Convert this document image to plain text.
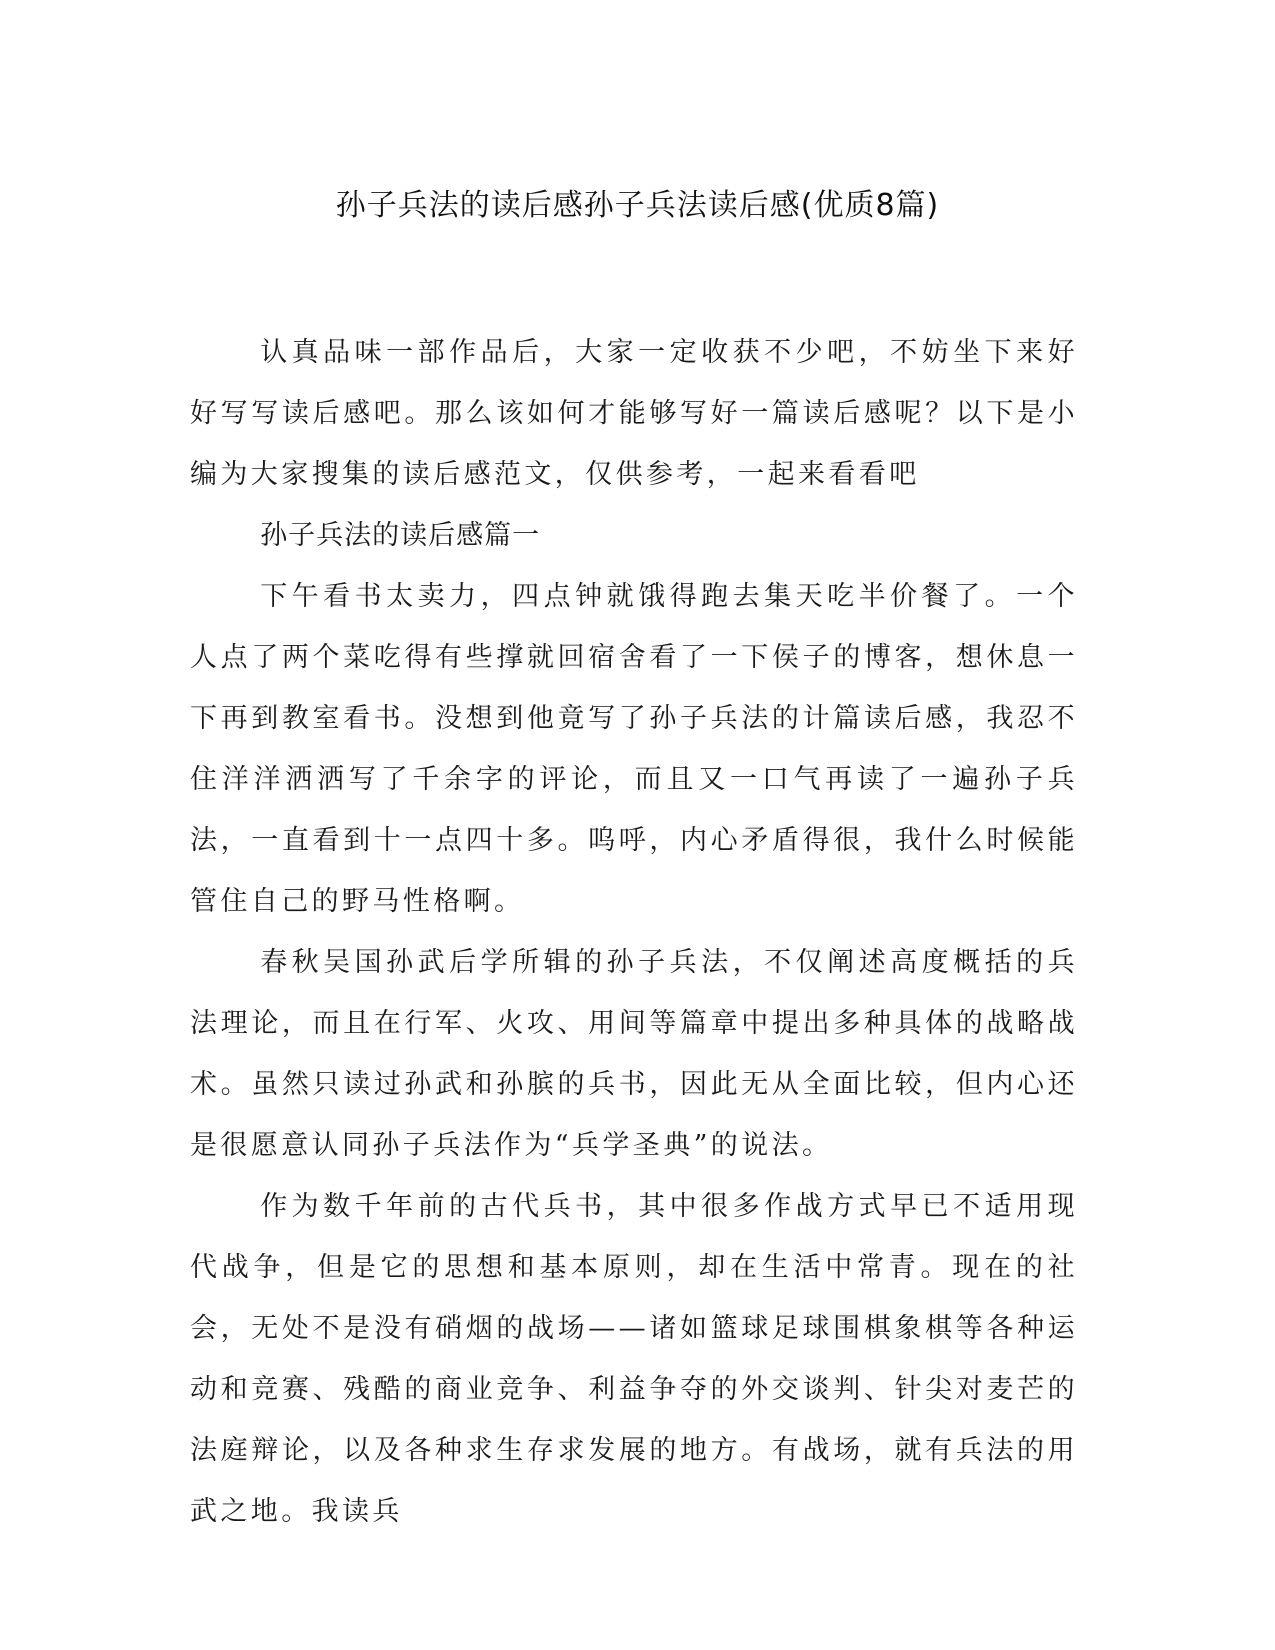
孙子兵法的读后感孙子兵法读后感(优质8篇)

认真品味一部作品后，大家一定收获不少吧，不妨坐下来好好写写读后感吧。那么该如何才能够写好一篇读后感呢？以下是小编为大家搜集的读后感范文，仅供参考，一起来看看吧

孙子兵法的读后感篇一

下午看书太卖力，四点钟就饿得跑去集天吃半价餐了。一个人点了两个菜吃得有些撑就回宿舍看了一下侯子的博客，想休息一下再到教室看书。没想到他竟写了孙子兵法的计篇读后感，我忍不住洋洋洒洒写了千余字的评论，而且又一口气再读了一遍孙子兵法，一直看到十一点四十多。呜呼，内心矛盾得很，我什么时候能管住自己的野马性格啊。

春秋吴国孙武后学所辑的孙子兵法，不仅阐述高度概括的兵法理论，而且在行军、火攻、用间等篇章中提出多种具体的战略战术。虽然只读过孙武和孙膑的兵书，因此无从全面比较，但内心还是很愿意认同孙子兵法作为“兵学圣典”的说法。

作为数千年前的古代兵书，其中很多作战方式早已不适用现代战争，但是它的思想和基本原则，却在生活中常青。现在的社会，无处不是没有硝烟的战场——诸如篮球足球围棋象棋等各种运动和竞赛、残酷的商业竞争、利益争夺的外交谈判、针尖对麦芒的法庭辩论，以及各种求生存求发展的地方。有战场，就有兵法的用武之地。我读兵
